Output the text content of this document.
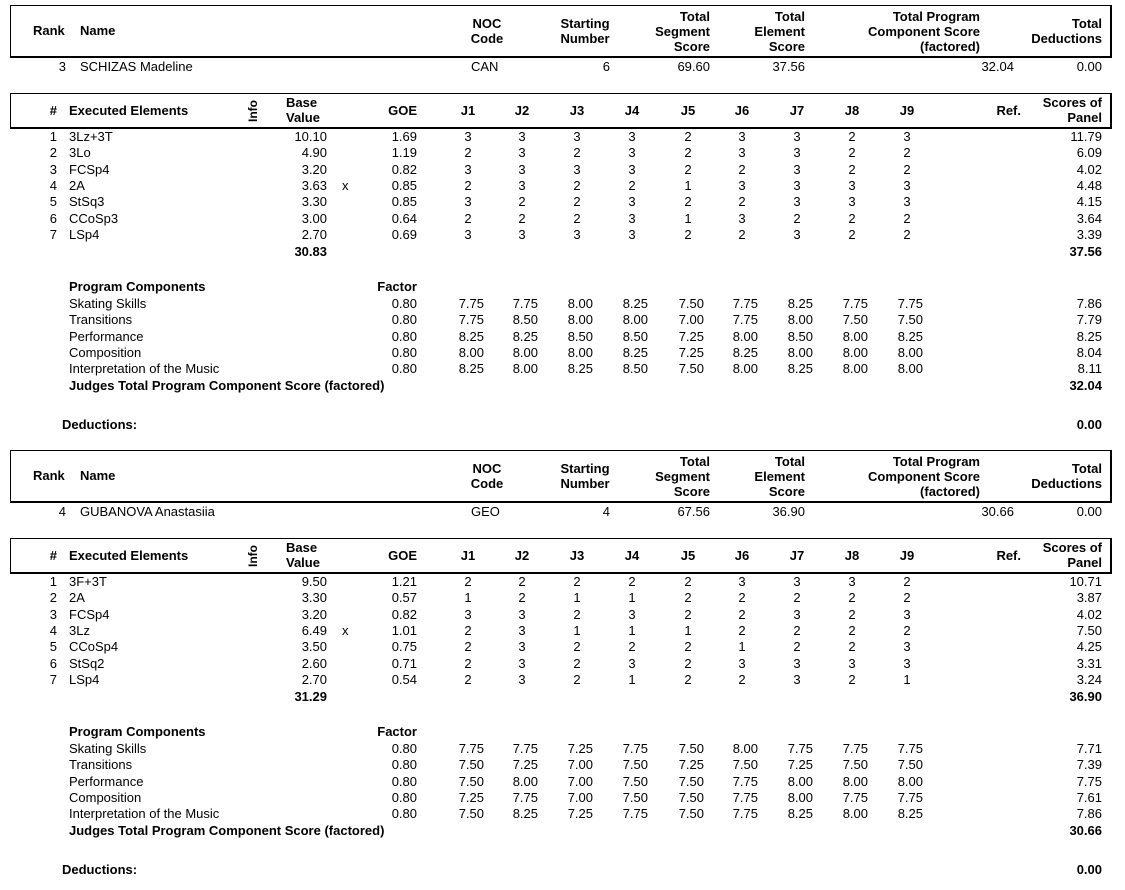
Rank Name	NOC
Code
Starting
Number
Total
Segment
Score
Total
Element
Score
Total Program
Component Score
(factored)
Total
Deductions
3 SCHIZAS Madeline	CAN	6	69.60	37.56	32.04	0.00
# Executed Elements	Info Base
Value	GOE	J1	J2	J3	J4	J5	J6	J7	J8	J9	Ref.
Scores of
Panel
1 3Lz+3T	10.10	1.69	3	3	3	3	2	3	3	2	3	11.79
2 3Lo	4.90	1.19	2	3	2	3	2	3	3	2	2	6.09
3 FCSp4	3.20	0.82	3	3	3	3	2	2	3	2	2	4.02
4 2A	3.63 x	0.85	2	3	2	2	1	3	3	3	3	4.48
5 StSq3	3.30	0.85	3	2	2	3	2	2	3	3	3	4.15
6 CCoSp3	3.00	0.64	2	2	2	3	1	3	2	2	2	3.64
7 LSp4	2.70	0.69	3	3	3	3	2	2	3	2	2	3.39
30.83	37.56
Program Components	Factor
Skating Skills	0.80	7.75 7.75 8.00 8.25 7.50 7.75 8.25 7.75 7.75	7.86
Transitions	0.80	7.75 8.50 8.00 8.00 7.00 7.75 8.00 7.50 7.50	7.79
Performance	0.80	8.25 8.25 8.50 8.50 7.25 8.00 8.50 8.00 8.25	8.25
Composition	0.80	8.00 8.00 8.00 8.25 7.25 8.25 8.00 8.00 8.00	8.04
Interpretation of the Music	0.80	8.25 8.00 8.25 8.50 7.50 8.00 8.25 8.00 8.00	8.11
Judges Total Program Component Score (factored)	32.04
Deductions:	0.00
Rank Name	NOC
Code
Starting
Number
Total
Segment
Score
Total
Element
Score
Total Program
Component Score
(factored)
Total
Deductions
4 GUBANOVA Anastasiia	GEO	4	67.56	36.90	30.66	0.00
# Executed Elements	Info Base
Value	GOE	J1	J2	J3	J4	J5	J6	J7	J8	J9	Ref.
Scores of
Panel
1 3F+3T	9.50	1.21	2	2	2	2	2	3	3	3	2	10.71
2 2A	3.30	0.57	1	2	1	1	2	2	2	2	2	3.87
3 FCSp4	3.20	0.82	3	3	2	3	2	2	3	2	3	4.02
4 3Lz	6.49 x	1.01	2	3	1	1	1	2	2	2	2	7.50
5 CCoSp4	3.50	0.75	2	3	2	2	2	1	2	2	3	4.25
6 StSq2	2.60	0.71	2	3	2	3	2	3	3	3	3	3.31
7 LSp4	2.70	0.54	2	3	2	1	2	2	3	2	1	3.24
31.29	36.90
Program Components	Factor
Skating Skills	0.80	7.75 7.75 7.25 7.75 7.50 8.00 7.75 7.75 7.75	7.71
Transitions	0.80	7.50 7.25 7.00 7.50 7.25 7.50 7.25 7.50 7.50	7.39
Performance	0.80	7.50 8.00 7.00 7.50 7.50 7.75 8.00 8.00 8.00	7.75
Composition	0.80	7.25 7.75 7.00 7.50 7.50 7.75 8.00 7.75 7.75	7.61
Interpretation of the Music	0.80	7.50 8.25 7.25 7.75 7.50 7.75 8.25 8.00 8.25	7.86
Judges Total Program Component Score (factored)	30.66
Deductions:	0.00
